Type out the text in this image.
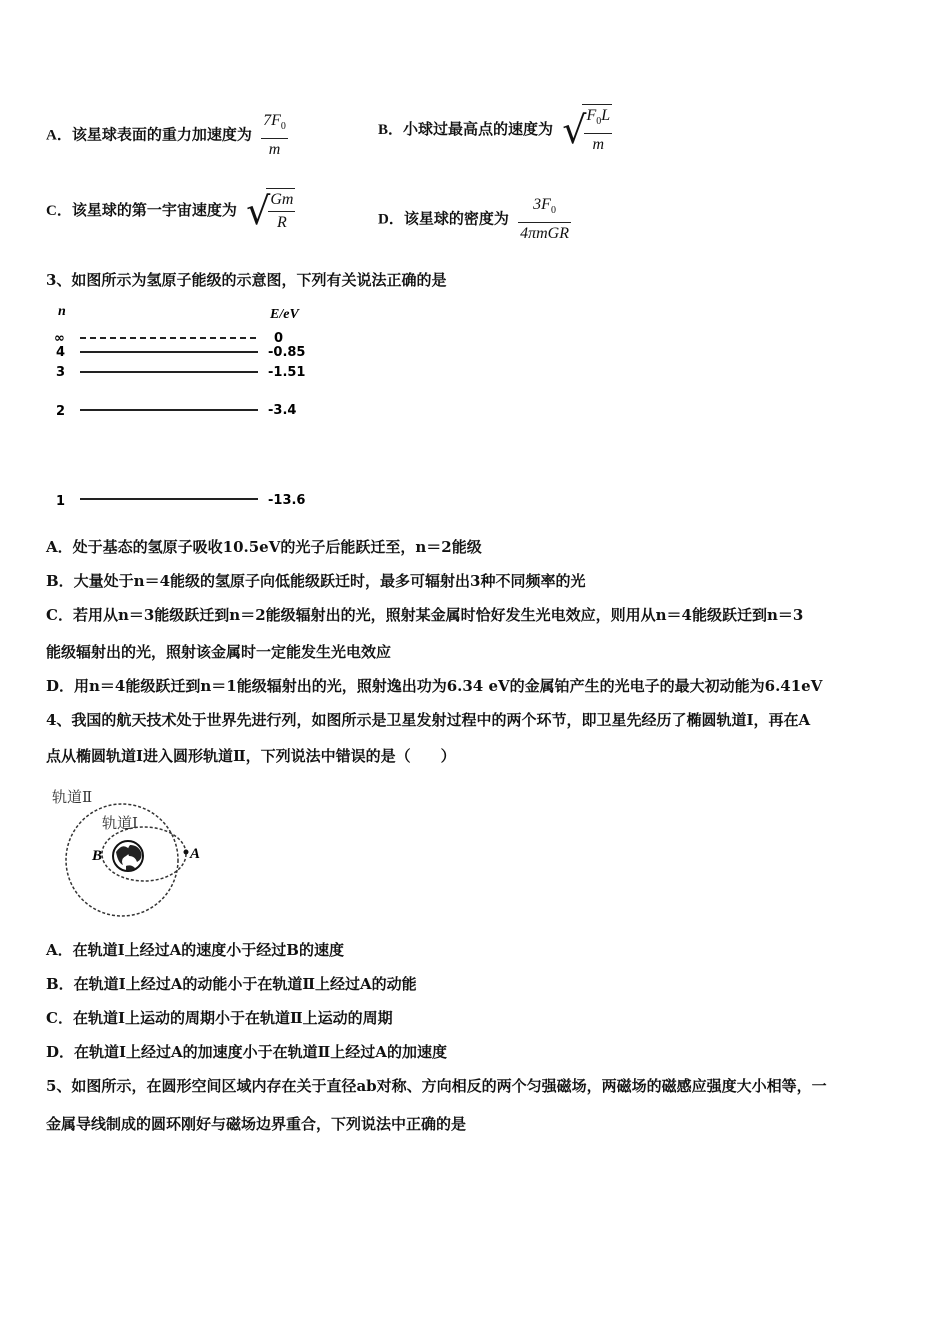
A．该星球表面的重力加速度为 $\frac{7F_0}{m}$	B．小球过最高点的速度为 √
$\frac{F_0L}{m}$
C．该星球的第一宇宙速度为 √
$\frac{Gm}{R}$	D．该星球的密度为 $\frac{3F_0}{\text{4πmGR}}$
3、如图所示为氢原子能级的示意图，下列有关说法正确的是
n	E/eV
∞	0
4	-0.85
3	-1.51
2	-3.4
1	-13.6
A．处于基态的氢原子吸收10.5eV的光子后能跃迁至，n＝2能级
B．大量处于n＝4能级的氢原子向低能级跃迁时，最多可辐射出3种不同频率的光
C．若用从n＝3能级跃迁到n＝2能级辐射出的光，照射某金属时恰好发生光电效应，则用从n＝4能级跃迁到n＝3
能级辐射出的光，照射该金属时一定能发生光电效应
D．用n＝4能级跃迁到n＝1能级辐射出的光，照射逸出功为6.34 eV的金属铂产生的光电子的最大初动能为6.41eV
4、我国的航天技术处于世界先进行列，如图所示是卫星发射过程中的两个环节，即卫星先经历了椭圆轨道I，再在A
点从椭圆轨道I进入圆形轨道Ⅱ，下列说法中错误的是（　　）
轨道Ⅱ
轨道Ⅰ
B	A
A．在轨道I上经过A的速度小于经过B的速度
B．在轨道I上经过A的动能小于在轨道Ⅱ上经过A的动能
C．在轨道I上运动的周期小于在轨道Ⅱ上运动的周期
D．在轨道I上经过A的加速度小于在轨道Ⅱ上经过A的加速度
5、如图所示，在圆形空间区域内存在关于直径ab对称、方向相反的两个匀强磁场，两磁场的磁感应强度大小相等，一
金属导线制成的圆环刚好与磁场边界重合，下列说法中正确的是
